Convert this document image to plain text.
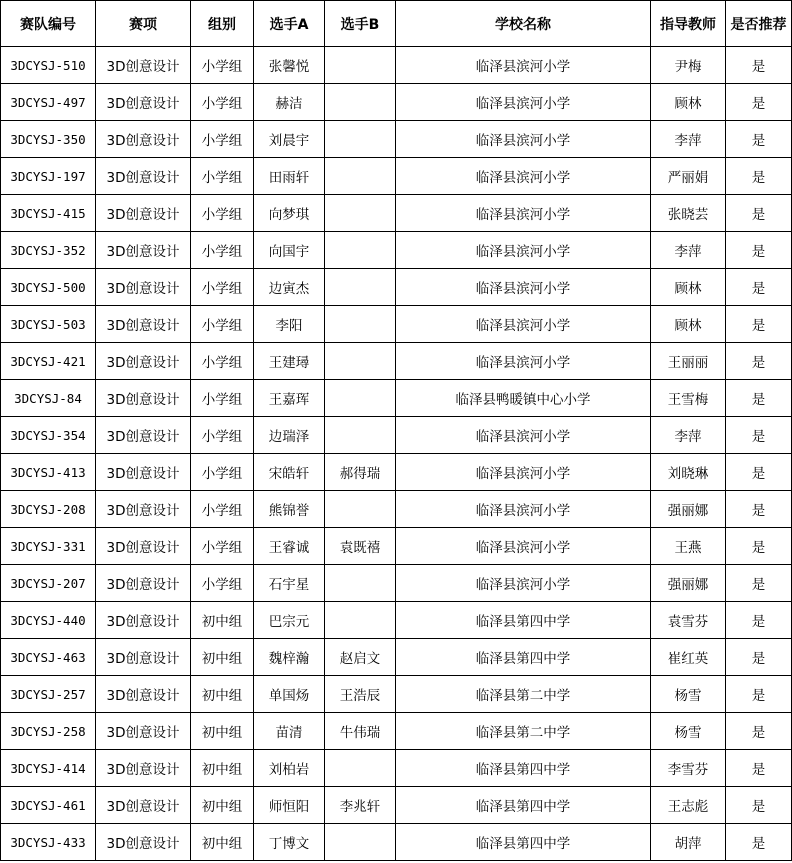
赛队编号	赛项	组别	选手A	选手B	学校名称	指导教师	是否推荐
3DCYSJ-510	3D创意设计	小学组	张馨悦		临泽县滨河小学	尹梅	是
3DCYSJ-497	3D创意设计	小学组	赫洁		临泽县滨河小学	顾林	是
3DCYSJ-350	3D创意设计	小学组	刘晨宇		临泽县滨河小学	李萍	是
3DCYSJ-197	3D创意设计	小学组	田雨轩		临泽县滨河小学	严丽娟	是
3DCYSJ-415	3D创意设计	小学组	向梦琪		临泽县滨河小学	张晓芸	是
3DCYSJ-352	3D创意设计	小学组	向国宇		临泽县滨河小学	李萍	是
3DCYSJ-500	3D创意设计	小学组	边寅杰		临泽县滨河小学	顾林	是
3DCYSJ-503	3D创意设计	小学组	李阳		临泽县滨河小学	顾林	是
3DCYSJ-421	3D创意设计	小学组	王建璕		临泽县滨河小学	王丽丽	是
3DCYSJ-84	3D创意设计	小学组	王嘉珲		临泽县鸭暖镇中心小学	王雪梅	是
3DCYSJ-354	3D创意设计	小学组	边瑞泽		临泽县滨河小学	李萍	是
3DCYSJ-413	3D创意设计	小学组	宋皓轩	郝得瑞	临泽县滨河小学	刘晓琳	是
3DCYSJ-208	3D创意设计	小学组	熊锦誉		临泽县滨河小学	强丽娜	是
3DCYSJ-331	3D创意设计	小学组	王睿诚	袁既禧	临泽县滨河小学	王燕	是
3DCYSJ-207	3D创意设计	小学组	石宇星		临泽县滨河小学	强丽娜	是
3DCYSJ-440	3D创意设计	初中组	巴宗元		临泽县第四中学	袁雪芬	是
3DCYSJ-463	3D创意设计	初中组	魏梓瀚	赵启文	临泽县第四中学	崔红英	是
3DCYSJ-257	3D创意设计	初中组	单国炀	王浩辰	临泽县第二中学	杨雪	是
3DCYSJ-258	3D创意设计	初中组	苗清	牛伟瑞	临泽县第二中学	杨雪	是
3DCYSJ-414	3D创意设计	初中组	刘柏岩		临泽县第四中学	李雪芬	是
3DCYSJ-461	3D创意设计	初中组	师恒阳	李兆轩	临泽县第四中学	王志彪	是
3DCYSJ-433	3D创意设计	初中组	丁博文		临泽县第四中学	胡萍	是
